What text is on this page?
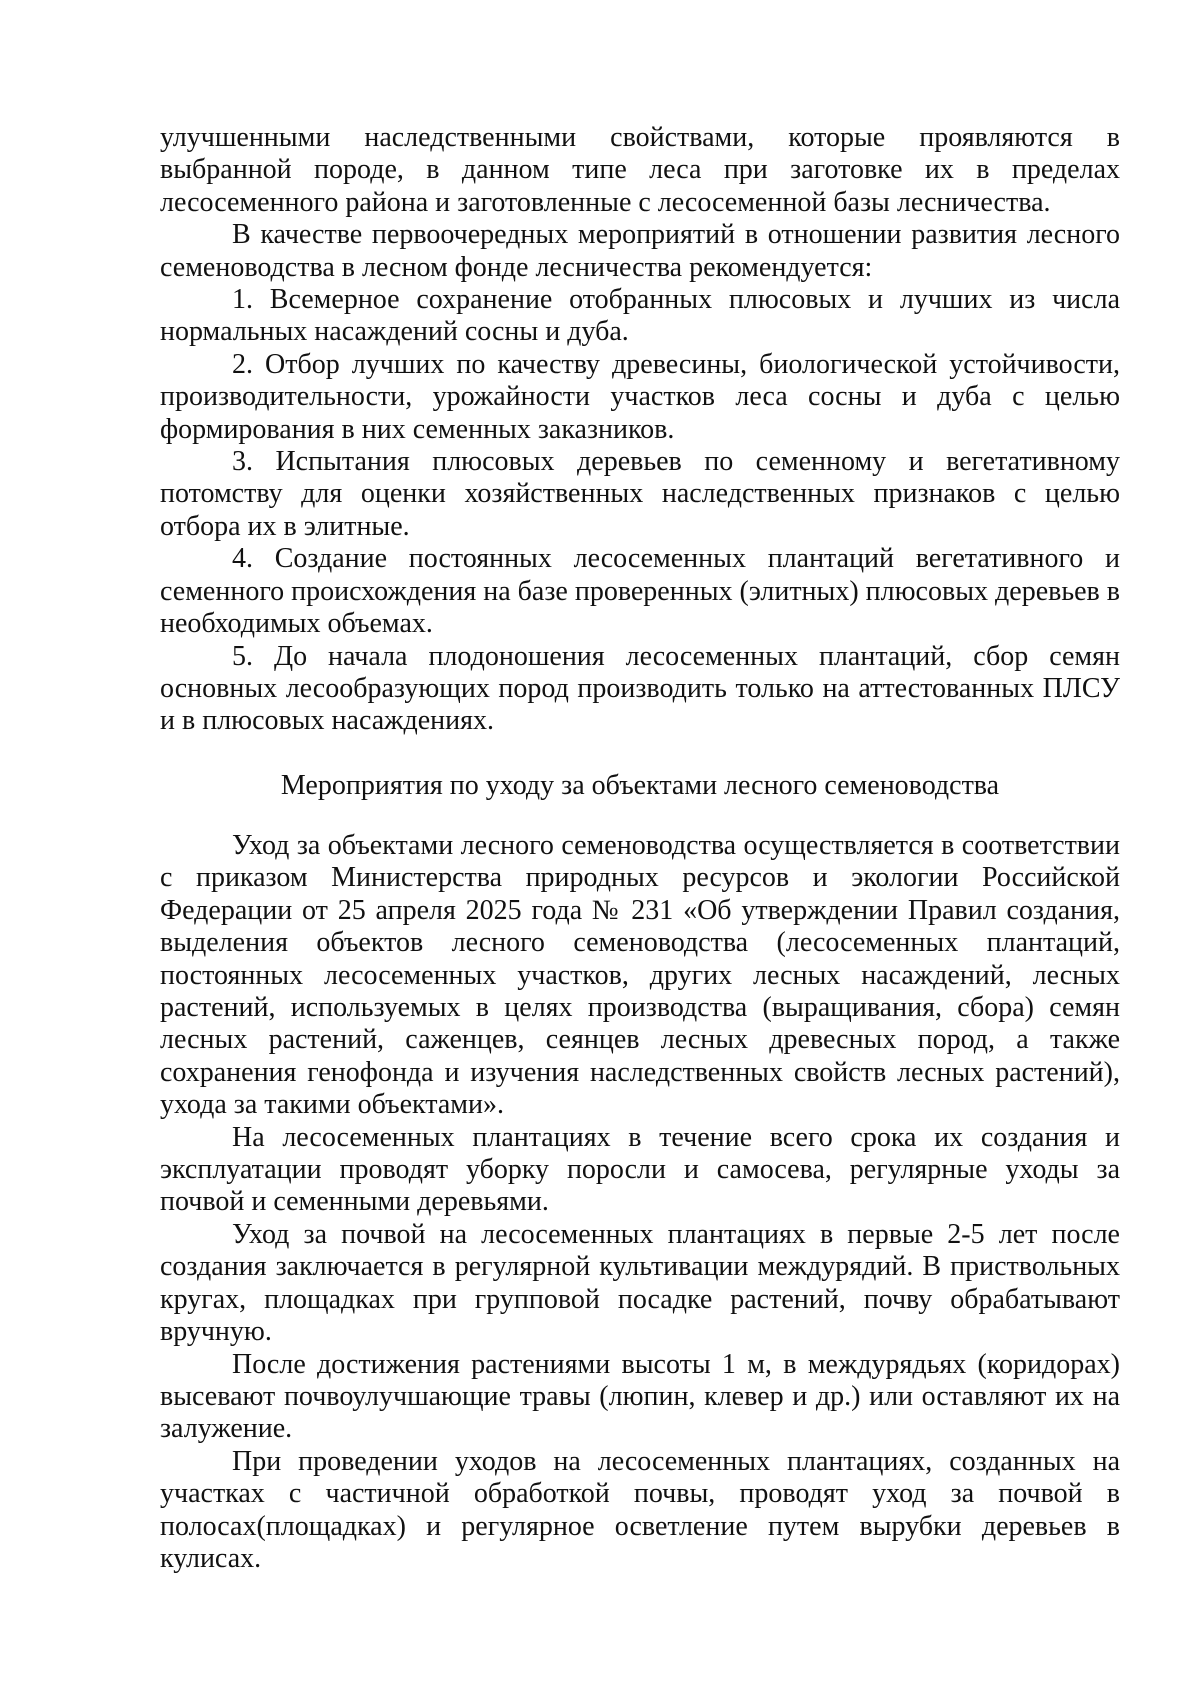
улучшенными наследственными свойствами, которые проявляются в выбранной породе, в данном типе леса при заготовке их в пределах лесосеменного района и заготовленные с лесосеменной базы лесничества.

В качестве первоочередных мероприятий в отношении развития лесного семеноводства в лесном фонде лесничества рекомендуется:

1. Всемерное сохранение отобранных плюсовых и лучших из числа нормальных насаждений сосны и дуба.

2. Отбор лучших по качеству древесины, биологической устойчивости, производительности, урожайности участков леса сосны и дуба с целью формирования в них семенных заказников.

3. Испытания плюсовых деревьев по семенному и вегетативному потомству для оценки хозяйственных наследственных признаков с целью отбора их в элитные.

4. Создание постоянных лесосеменных плантаций вегетативного и семенного происхождения на базе проверенных (элитных) плюсовых деревьев в необходимых объемах.

5. До начала плодоношения лесосеменных плантаций, сбор семян основных лесообразующих пород производить только на аттестованных ПЛСУ и в плюсовых насаждениях.

Мероприятия по уходу за объектами лесного семеноводства

Уход за объектами лесного семеноводства осуществляется в соответствии с приказом Министерства природных ресурсов и экологии Российской Федерации от 25 апреля 2025 года № 231 «Об утверждении Правил создания, выделения объектов лесного семеноводства (лесосеменных плантаций, постоянных лесосеменных участков, других лесных насаждений, лесных растений, используемых в целях производства (выращивания, сбора) семян лесных растений, саженцев, сеянцев лесных древесных пород, а также сохранения генофонда и изучения наследственных свойств лесных растений), ухода за такими объектами».

На лесосеменных плантациях в течение всего срока их создания и эксплуатации проводят уборку поросли и самосева, регулярные уходы за почвой и семенными деревьями.

Уход за почвой на лесосеменных плантациях в первые 2-5 лет после создания заключается в регулярной культивации междурядий. В приствольных кругах, площадках при групповой посадке растений, почву обрабатывают вручную.

После достижения растениями высоты 1 м, в междурядьях (коридорах) высевают почвоулучшающие травы (люпин, клевер и др.) или оставляют их на залужение.

При проведении уходов на лесосеменных плантациях, созданных на участках с частичной обработкой почвы, проводят уход за почвой в полосах(площадках) и регулярное осветление путем вырубки деревьев в кулисах.
